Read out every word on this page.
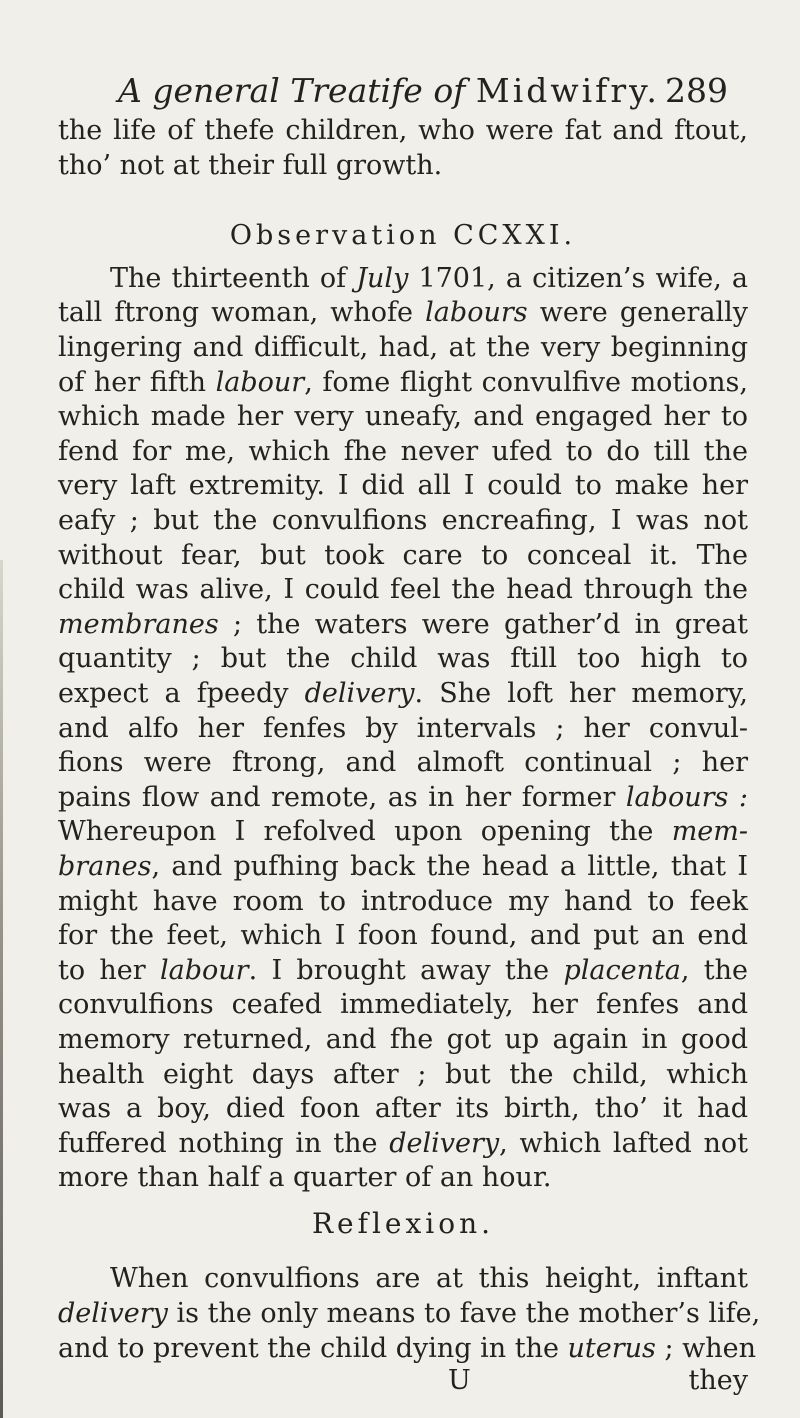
A general Treatife of Midwifry. 289
the life of thefe children, who were fat and ftout,
tho’ not at their full growth.
Observation CCXXI.
The thirteenth of July 1701, a citizen’s wife, a
tall ftrong woman, whofe labours were generally
lingering and difficult, had, at the very beginning
of her fifth labour, fome flight convulfive motions,
which made her very uneafy, and engaged her to
fend for me, which fhe never ufed to do till the
very laft extremity. I did all I could to make her
eafy ; but the convulfions encreafing, I was not
without fear, but took care to conceal it. The
child was alive, I could feel the head through the
membranes ; the waters were gather’d in great
quantity ; but the child was ftill too high to
expect a fpeedy delivery. She loft her memory,
and alfo her fenfes by intervals ; her convul-
fions were ftrong, and almoft continual ; her
pains flow and remote, as in her former labours :
Whereupon I refolved upon opening the mem-
branes, and pufhing back the head a little, that I
might have room to introduce my hand to feek
for the feet, which I foon found, and put an end
to her labour. I brought away the placenta, the
convulfions ceafed immediately, her fenfes and
memory returned, and fhe got up again in good
health eight days after ; but the child, which
was a boy, died foon after its birth, tho’ it had
fuffered nothing in the delivery, which lafted not
more than half a quarter of an hour.
Reflexion.
When convulfions are at this height, inftant
delivery is the only means to fave the mother’s life,
and to prevent the child dying in the uterus ; when
U	they
